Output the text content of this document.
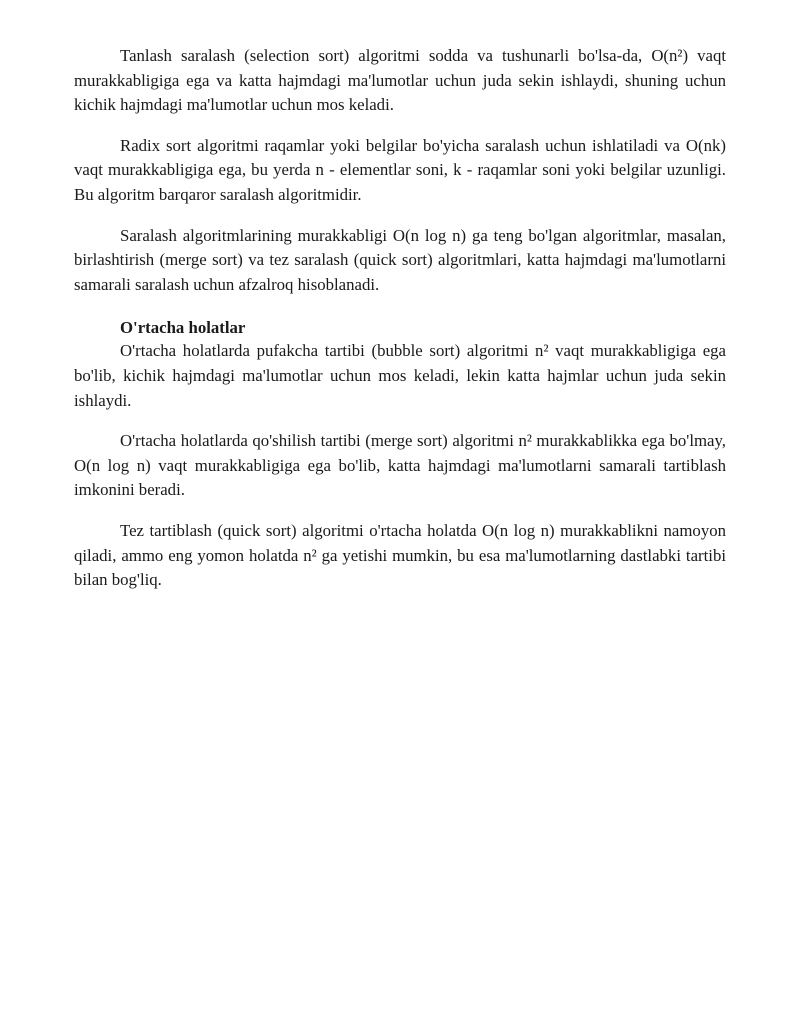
Tanlash saralash (selection sort) algoritmi sodda va tushunarli bo'lsa-da, O(n²) vaqt murakkabligiga ega va katta hajmdagi ma'lumotlar uchun juda sekin ishlaydi, shuning uchun kichik hajmdagi ma'lumotlar uchun mos keladi.

Radix sort algoritmi raqamlar yoki belgilar bo'yicha saralash uchun ishlatiladi va O(nk) vaqt murakkabligiga ega, bu yerda n - elementlar soni, k - raqamlar soni yoki belgilar uzunligi. Bu algoritm barqaror saralash algoritmidir.

Saralash algoritmlarining murakkabligi O(n log n) ga teng bo'lgan algoritmlar, masalan, birlashtirish (merge sort) va tez saralash (quick sort) algoritmlari, katta hajmdagi ma'lumotlarni samarali saralash uchun afzalroq hisoblanadi.

O'rtacha holatlar

O'rtacha holatlarda pufakcha tartibi (bubble sort) algoritmi n² vaqt murakkabligiga ega bo'lib, kichik hajmdagi ma'lumotlar uchun mos keladi, lekin katta hajmlar uchun juda sekin ishlaydi.

O'rtacha holatlarda qo'shilish tartibi (merge sort) algoritmi n² murakkablikka ega bo'lmay, O(n log n) vaqt murakkabligiga ega bo'lib, katta hajmdagi ma'lumotlarni samarali tartiblash imkonini beradi.

Tez tartiblash (quick sort) algoritmi o'rtacha holatda O(n log n) murakkablikni namoyon qiladi, ammo eng yomon holatda n² ga yetishi mumkin, bu esa ma'lumotlarning dastlabki tartibi bilan bog'liq.
